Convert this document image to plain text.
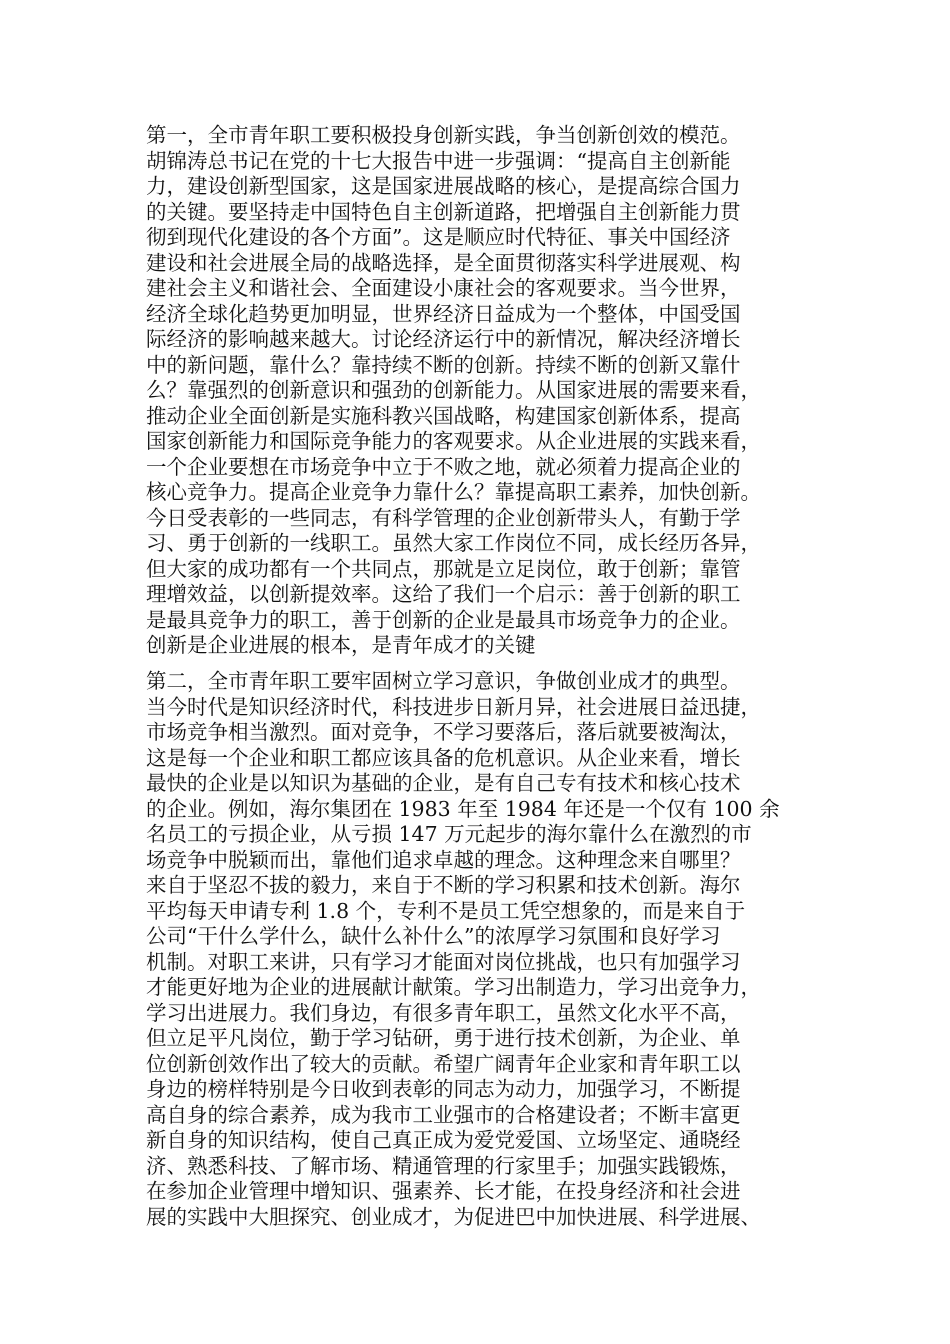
第一，全市青年职工要积极投身创新实践，争当创新创效的模范。
胡锦涛总书记在党的十七大报告中进一步强调：“提高自主创新能
力，建设创新型国家，这是国家进展战略的核心，是提高综合国力
的关键。要坚持走中国特色自主创新道路，把增强自主创新能力贯
彻到现代化建设的各个方面”。这是顺应时代特征、事关中国经济
建设和社会进展全局的战略选择，是全面贯彻落实科学进展观、构
建社会主义和谐社会、全面建设小康社会的客观要求。当今世界，
经济全球化趋势更加明显，世界经济日益成为一个整体，中国受国
际经济的影响越来越大。讨论经济运行中的新情况，解决经济增长
中的新问题，靠什么？靠持续不断的创新。持续不断的创新又靠什
么？靠强烈的创新意识和强劲的创新能力。从国家进展的需要来看，
推动企业全面创新是实施科教兴国战略，构建国家创新体系，提高
国家创新能力和国际竞争能力的客观要求。从企业进展的实践来看，
一个企业要想在市场竞争中立于不败之地，就必须着力提高企业的
核心竞争力。提高企业竞争力靠什么？靠提高职工素养，加快创新。
今日受表彰的一些同志，有科学管理的企业创新带头人，有勤于学
习、勇于创新的一线职工。虽然大家工作岗位不同，成长经历各异，
但大家的成功都有一个共同点，那就是立足岗位，敢于创新；靠管
理增效益，以创新提效率。这给了我们一个启示：善于创新的职工
是最具竞争力的职工，善于创新的企业是最具市场竞争力的企业。
创新是企业进展的根本，是青年成才的关键
第二，全市青年职工要牢固树立学习意识，争做创业成才的典型。
当今时代是知识经济时代，科技进步日新月异，社会进展日益迅捷，
市场竞争相当激烈。面对竞争，不学习要落后，落后就要被淘汰，
这是每一个企业和职工都应该具备的危机意识。从企业来看，增长
最快的企业是以知识为基础的企业，是有自己专有技术和核心技术
的企业。例如，海尔集团在 1983 年至 1984 年还是一个仅有 100 余
名员工的亏损企业，从亏损 147 万元起步的海尔靠什么在激烈的市
场竞争中脱颖而出，靠他们追求卓越的理念。这种理念来自哪里？
来自于坚忍不拔的毅力，来自于不断的学习积累和技术创新。海尔
平均每天申请专利 1.8 个，专利不是员工凭空想象的，而是来自于
公司“干什么学什么，缺什么补什么”的浓厚学习氛围和良好学习
机制。对职工来讲，只有学习才能面对岗位挑战，也只有加强学习
才能更好地为企业的进展献计献策。学习出制造力，学习出竞争力，
学习出进展力。我们身边，有很多青年职工，虽然文化水平不高，
但立足平凡岗位，勤于学习钻研，勇于进行技术创新，为企业、单
位创新创效作出了较大的贡献。希望广阔青年企业家和青年职工以
身边的榜样特别是今日收到表彰的同志为动力，加强学习，不断提
高自身的综合素养，成为我市工业强市的合格建设者；不断丰富更
新自身的知识结构，使自己真正成为爱党爱国、立场坚定、通晓经
济、熟悉科技、了解市场、精通管理的行家里手；加强实践锻炼，
在参加企业管理中增知识、强素养、长才能，在投身经济和社会进
展的实践中大胆探究、创业成才，为促进巴中加快进展、科学进展、
